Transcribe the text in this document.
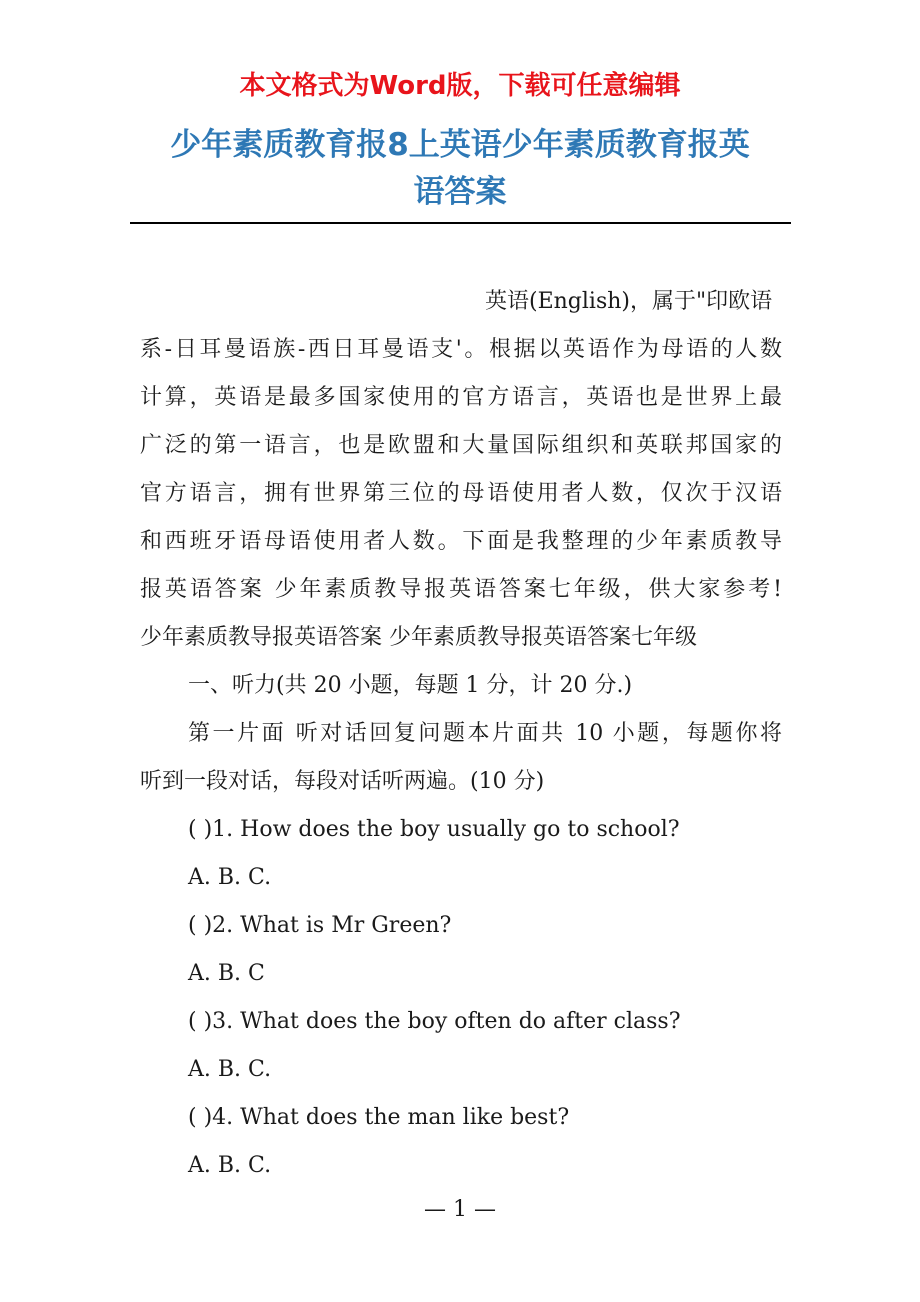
本文格式为Word版，下载可任意编辑
少年素质教育报8上英语少年素质教育报英
语答案
英语(English)，属于"印欧语
系-日耳曼语族-西日耳曼语支'。根据以英语作为母语的人数
计算，英语是最多国家使用的官方语言，英语也是世界上最
广泛的第一语言，也是欧盟和大量国际组织和英联邦国家的
官方语言，拥有世界第三位的母语使用者人数，仅次于汉语
和西班牙语母语使用者人数。下面是我整理的少年素质教导
报英语答案 少年素质教导报英语答案七年级，供大家参考!
少年素质教导报英语答案 少年素质教导报英语答案七年级
一、听力(共 20 小题，每题 1 分，计 20 分.)
第一片面 听对话回复问题本片面共 10 小题，每题你将
听到一段对话，每段对话听两遍。(10 分)
( )1. How does the boy usually go to school?
A. B. C.
( )2. What is Mr Green?
A. B. C
( )3. What does the boy often do after class?
A. B. C.
( )4. What does the man like best?
A. B. C.
— 1 —
